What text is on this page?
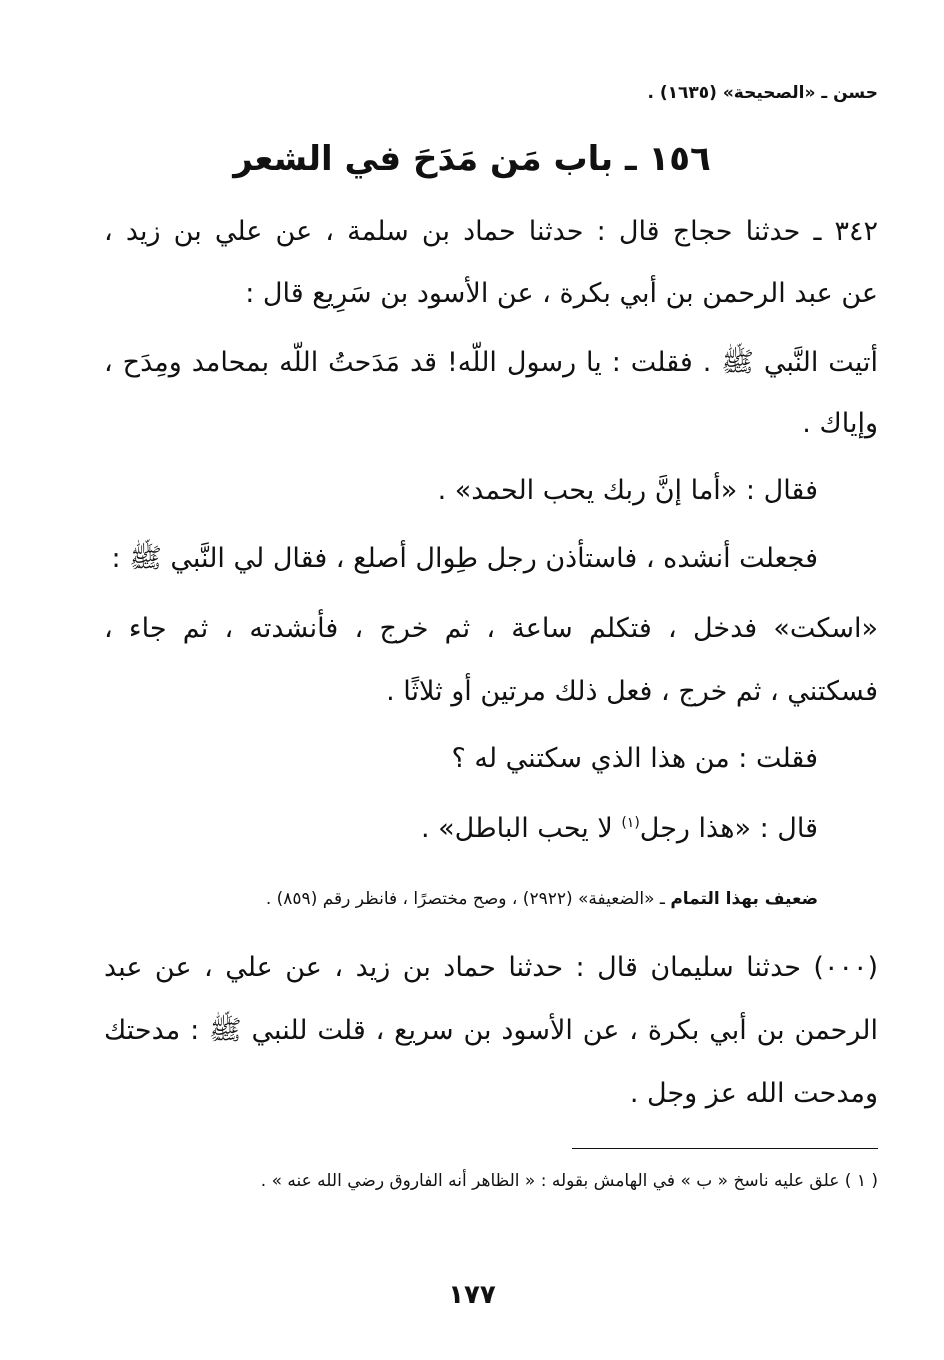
حسن ـ «الصحيحة» (١٦٣٥) .
١٥٦ ـ باب مَن مَدَحَ في الشعر
٣٤٢ ـ حدثنا حجاج قال : حدثنا حماد بن سلمة ، عن علي بن زيد ،
عن عبد الرحمن بن أبي بكرة ، عن الأسود بن سَرِيع قال :
أتيت النَّبي ﷺ . فقلت : يا رسول اللّه! قد مَدَحتُ اللّه بمحامد ومِدَح ،
وإياك .
فقال : «أما إنَّ ربك يحب الحمد» .
فجعلت أنشده ، فاستأذن رجل طِوال أصلع ، فقال لي النَّبي ﷺ :
«اسكت» فدخل ، فتكلم ساعة ، ثم خرج ، فأنشدته ، ثم جاء ،
فسكتني ، ثم خرج ، فعل ذلك مرتين أو ثلاثًا .
فقلت : من هذا الذي سكتني له ؟
قال : «هذا رجل$^{(١)}$ لا يحب الباطل» .
ضعيف بهذا التمام ـ «الضعيفة» (٢٩٢٢) ، وصح مختصرًا ، فانظر رقم (٨٥٩) .
(٠٠٠) حدثنا سليمان قال : حدثنا حماد بن زيد ، عن علي ، عن عبد
الرحمن بن أبي بكرة ، عن الأسود بن سريع ، قلت للنبي ﷺ : مدحتك
ومدحت الله عز وجل .
( ١ ) علق عليه ناسخ « ب » في الهامش بقوله : « الظاهر أنه الفاروق رضي الله عنه » .
١٧٧
